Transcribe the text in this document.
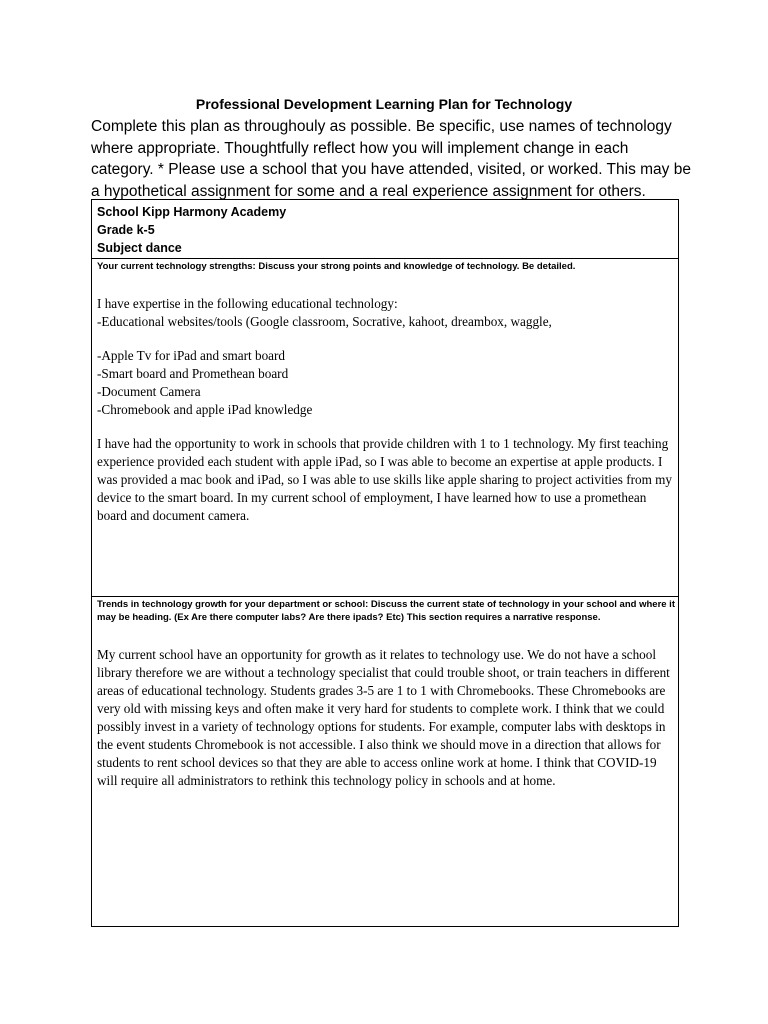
Professional Development Learning Plan for Technology
Complete this plan as throughouly as possible. Be specific, use names of technology where appropriate. Thoughtfully reflect how you will implement change in each category. * Please use a school that you have attended, visited, or worked. This may be a hypothetical assignment for some and a real experience assignment for others.
School Kipp Harmony Academy
Grade k-5
Subject dance
Your current technology strengths: Discuss your strong points and knowledge of technology. Be detailed.
I have expertise in the following educational technology:
-Educational websites/tools (Google classroom, Socrative, kahoot, dreambox, waggle,
-Apple Tv for iPad and smart board
-Smart board and Promethean board
-Document Camera
-Chromebook and apple iPad knowledge
I have had the opportunity to work in schools that provide children with 1 to 1 technology. My first teaching experience provided each student with apple iPad, so I was able to become an expertise at apple products. I was provided a mac book and iPad, so I was able to use skills like apple sharing to project activities from my device to the smart board. In my current school of employment, I have learned how to use a promethean board and document camera.
Trends in technology growth for your department or school: Discuss the current state of technology in your school and where it may be heading. (Ex Are there computer labs? Are there ipads? Etc) This section requires a narrative response.
My current school have an opportunity for growth as it relates to technology use. We do not have a school library therefore we are without a technology specialist that could trouble shoot, or train teachers in different areas of educational technology. Students grades 3-5 are 1 to 1 with Chromebooks. These Chromebooks are very old with missing keys and often make it very hard for students to complete work. I think that we could possibly invest in a variety of technology options for students. For example, computer labs with desktops in the event students Chromebook is not accessible. I also think we should move in a direction that allows for students to rent school devices so that they are able to access online work at home. I think that COVID-19 will require all administrators to rethink this technology policy in schools and at home.
